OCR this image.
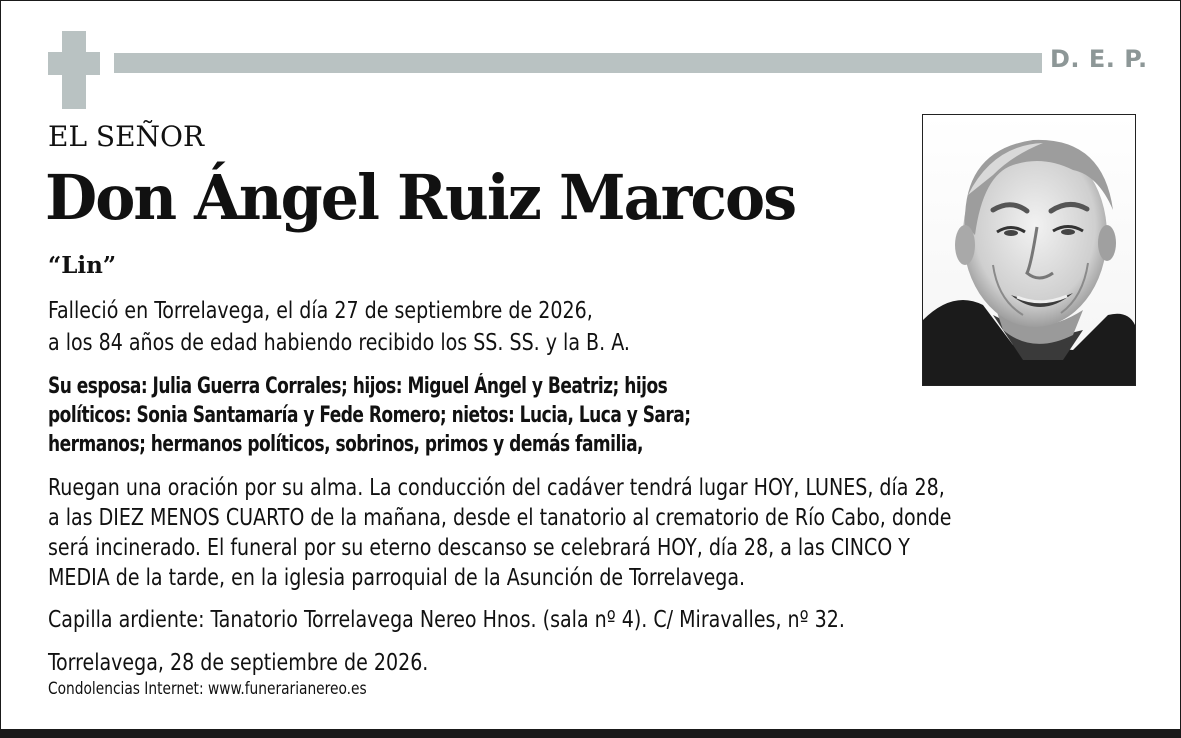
D. E. P.
EL SEÑOR
Don Ángel Ruiz Marcos
“Lin”
Falleció en Torrelavega, el día 27 de septiembre de 2026,
a los 84 años de edad habiendo recibido los SS. SS. y la B. A.
Su esposa: Julia Guerra Corrales; hijos: Miguel Ángel y Beatriz; hijos
políticos: Sonia Santamaría y Fede Romero; nietos: Lucia, Luca y Sara;
hermanos; hermanos políticos, sobrinos, primos y demás familia,
Ruegan una oración por su alma. La conducción del cadáver tendrá lugar HOY, LUNES, día 28,
a las DIEZ MENOS CUARTO de la mañana, desde el tanatorio al crematorio de Río Cabo, donde
será incinerado. El funeral por su eterno descanso se celebrará HOY, día 28, a las CINCO Y
MEDIA de la tarde, en la iglesia parroquial de la Asunción de Torrelavega.
Capilla ardiente: Tanatorio Torrelavega Nereo Hnos. (sala nº 4). C/ Miravalles, nº 32.
Torrelavega, 28 de septiembre de 2026.
Condolencias Internet: www.funerarianereo.es
